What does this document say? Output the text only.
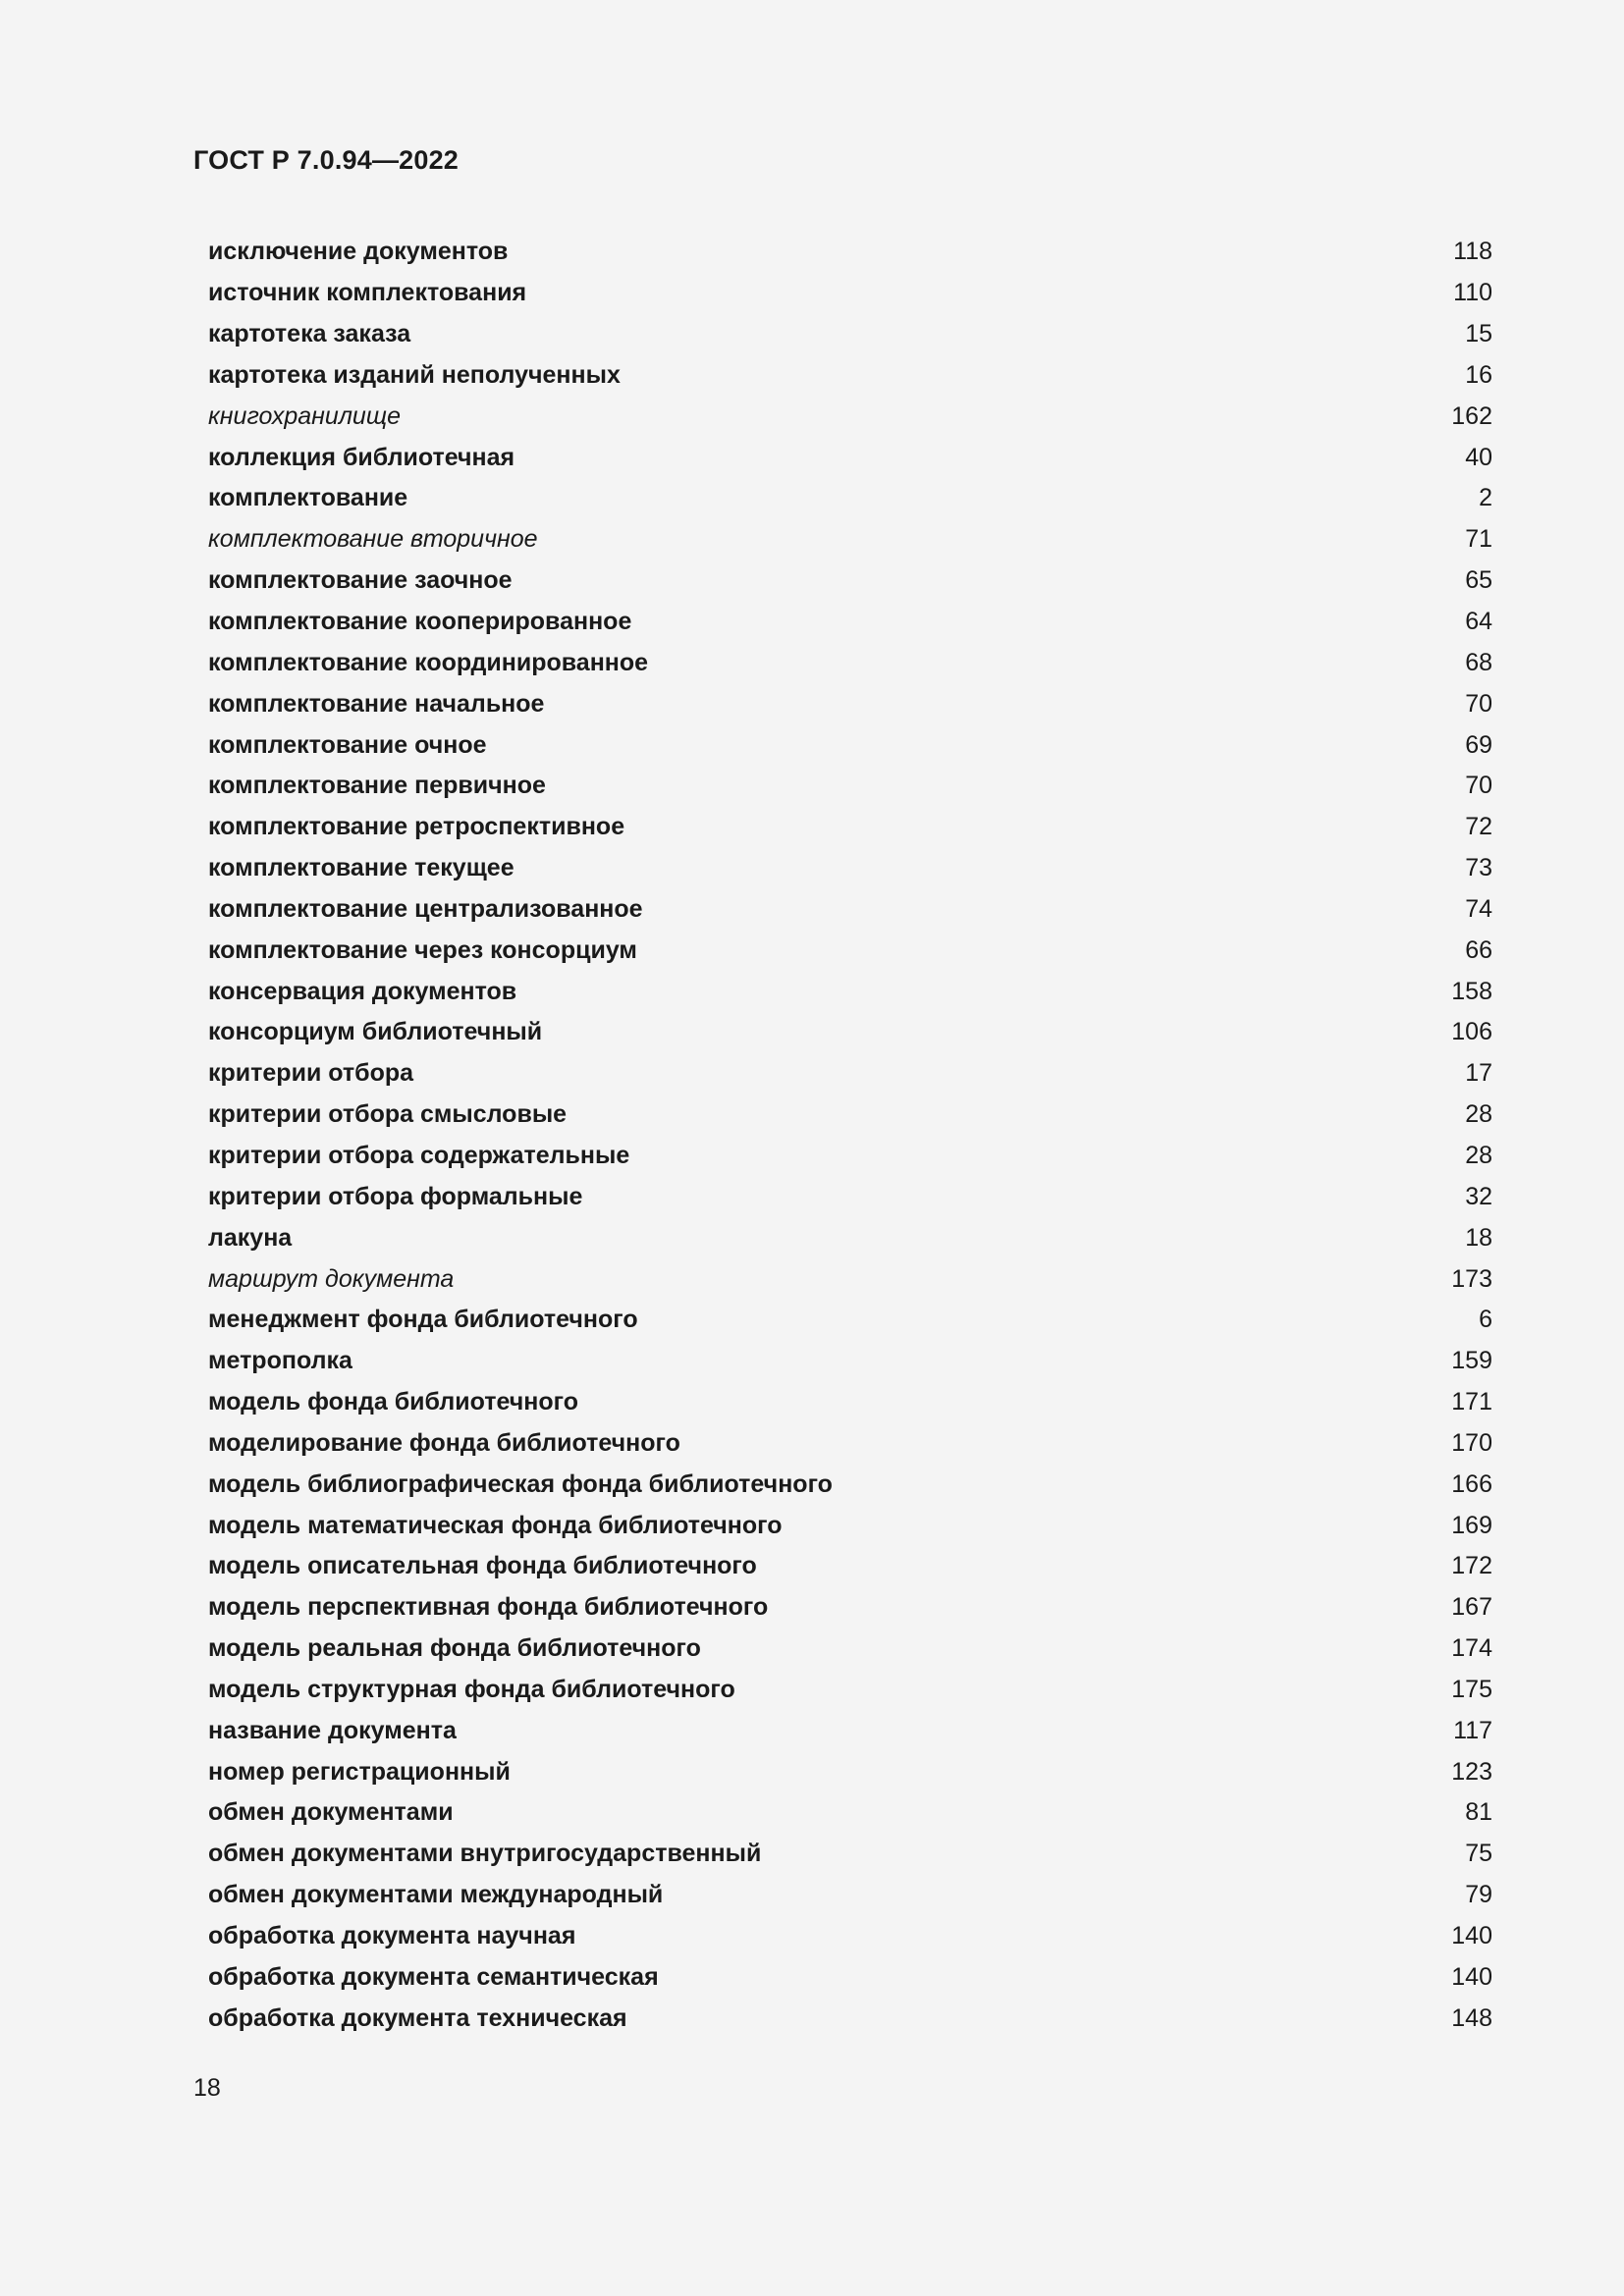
ГОСТ Р 7.0.94—2022
исключение документов	118
источник комплектования	110
картотека заказа	15
картотека изданий неполученных	16
книгохранилище	162
коллекция библиотечная	40
комплектование	2
комплектование вторичное	71
комплектование заочное	65
комплектование кооперированное	64
комплектование координированное	68
комплектование начальное	70
комплектование очное	69
комплектование первичное	70
комплектование ретроспективное	72
комплектование текущее	73
комплектование централизованное	74
комплектование через консорциум	66
консервация документов	158
консорциум библиотечный	106
критерии отбора	17
критерии отбора смысловые	28
критерии отбора содержательные	28
критерии отбора формальные	32
лакуна	18
маршрут документа	173
менеджмент фонда библиотечного	6
метрополка	159
модель фонда библиотечного	171
моделирование фонда библиотечного	170
модель библиографическая фонда библиотечного	166
модель математическая фонда библиотечного	169
модель описательная фонда библиотечного	172
модель перспективная фонда библиотечного	167
модель реальная фонда библиотечного	174
модель структурная фонда библиотечного	175
название документа	117
номер регистрационный	123
обмен документами	81
обмен документами внутригосударственный	75
обмен документами международный	79
обработка документа научная	140
обработка документа семантическая	140
обработка документа техническая	148
18
